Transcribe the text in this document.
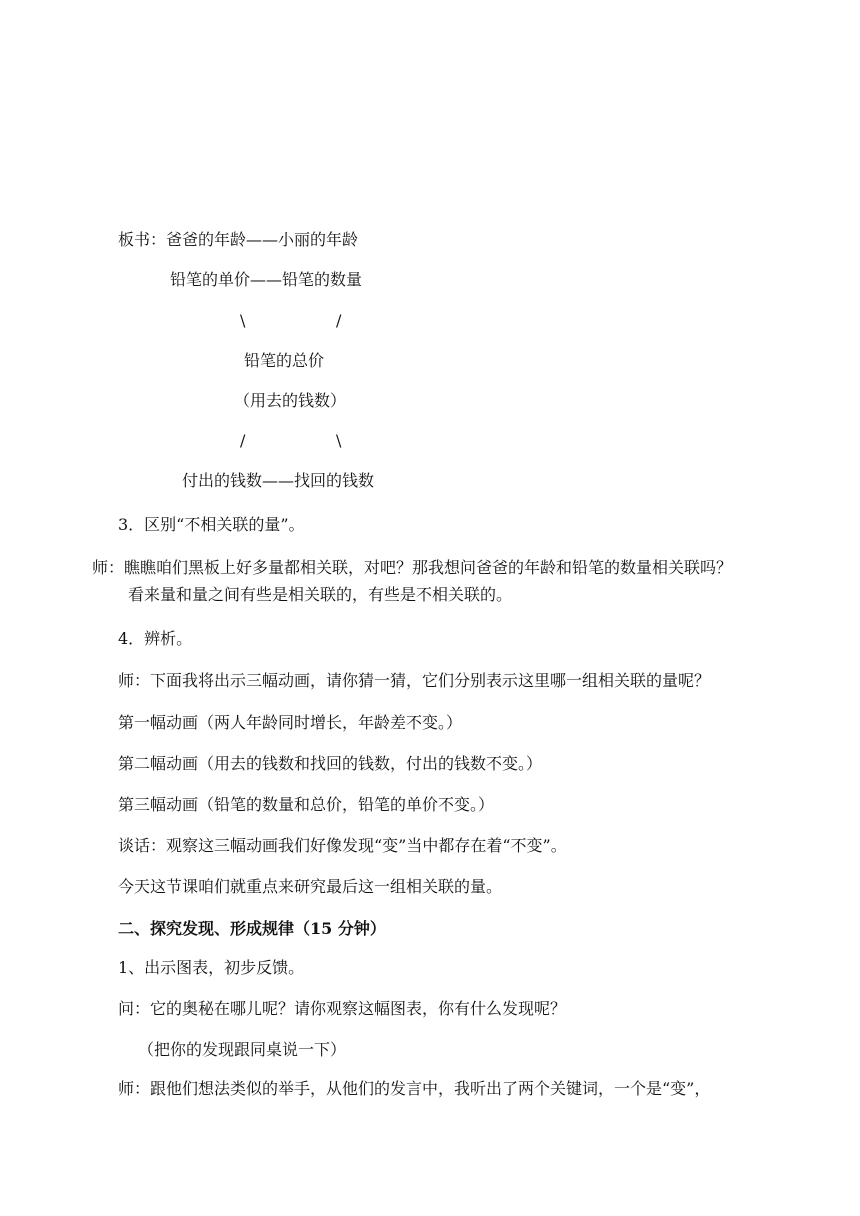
板书：爸爸的年龄——小丽的年龄
铅笔的单价——铅笔的数量
\	/
铅笔的总价
（用去的钱数）
/	\
付出的钱数——找回的钱数
3．区别“不相关联的量”。
师：瞧瞧咱们黑板上好多量都相关联，对吧？那我想问爸爸的年龄和铅笔的数量相关联吗？
看来量和量之间有些是相关联的，有些是不相关联的。
4．辨析。
师：下面我将出示三幅动画，请你猜一猜，它们分别表示这里哪一组相关联的量呢？
第一幅动画（两人年龄同时增长，年龄差不变。）
第二幅动画（用去的钱数和找回的钱数，付出的钱数不变。）
第三幅动画（铅笔的数量和总价，铅笔的单价不变。）
谈话：观察这三幅动画我们好像发现“变”当中都存在着“不变”。
今天这节课咱们就重点来研究最后这一组相关联的量。
二、探究发现、形成规律（15 分钟）
1、出示图表，初步反馈。
问：它的奥秘在哪儿呢？请你观察这幅图表，你有什么发现呢？
（把你的发现跟同桌说一下）
师：跟他们想法类似的举手，从他们的发言中，我听出了两个关键词，一个是“变”，
